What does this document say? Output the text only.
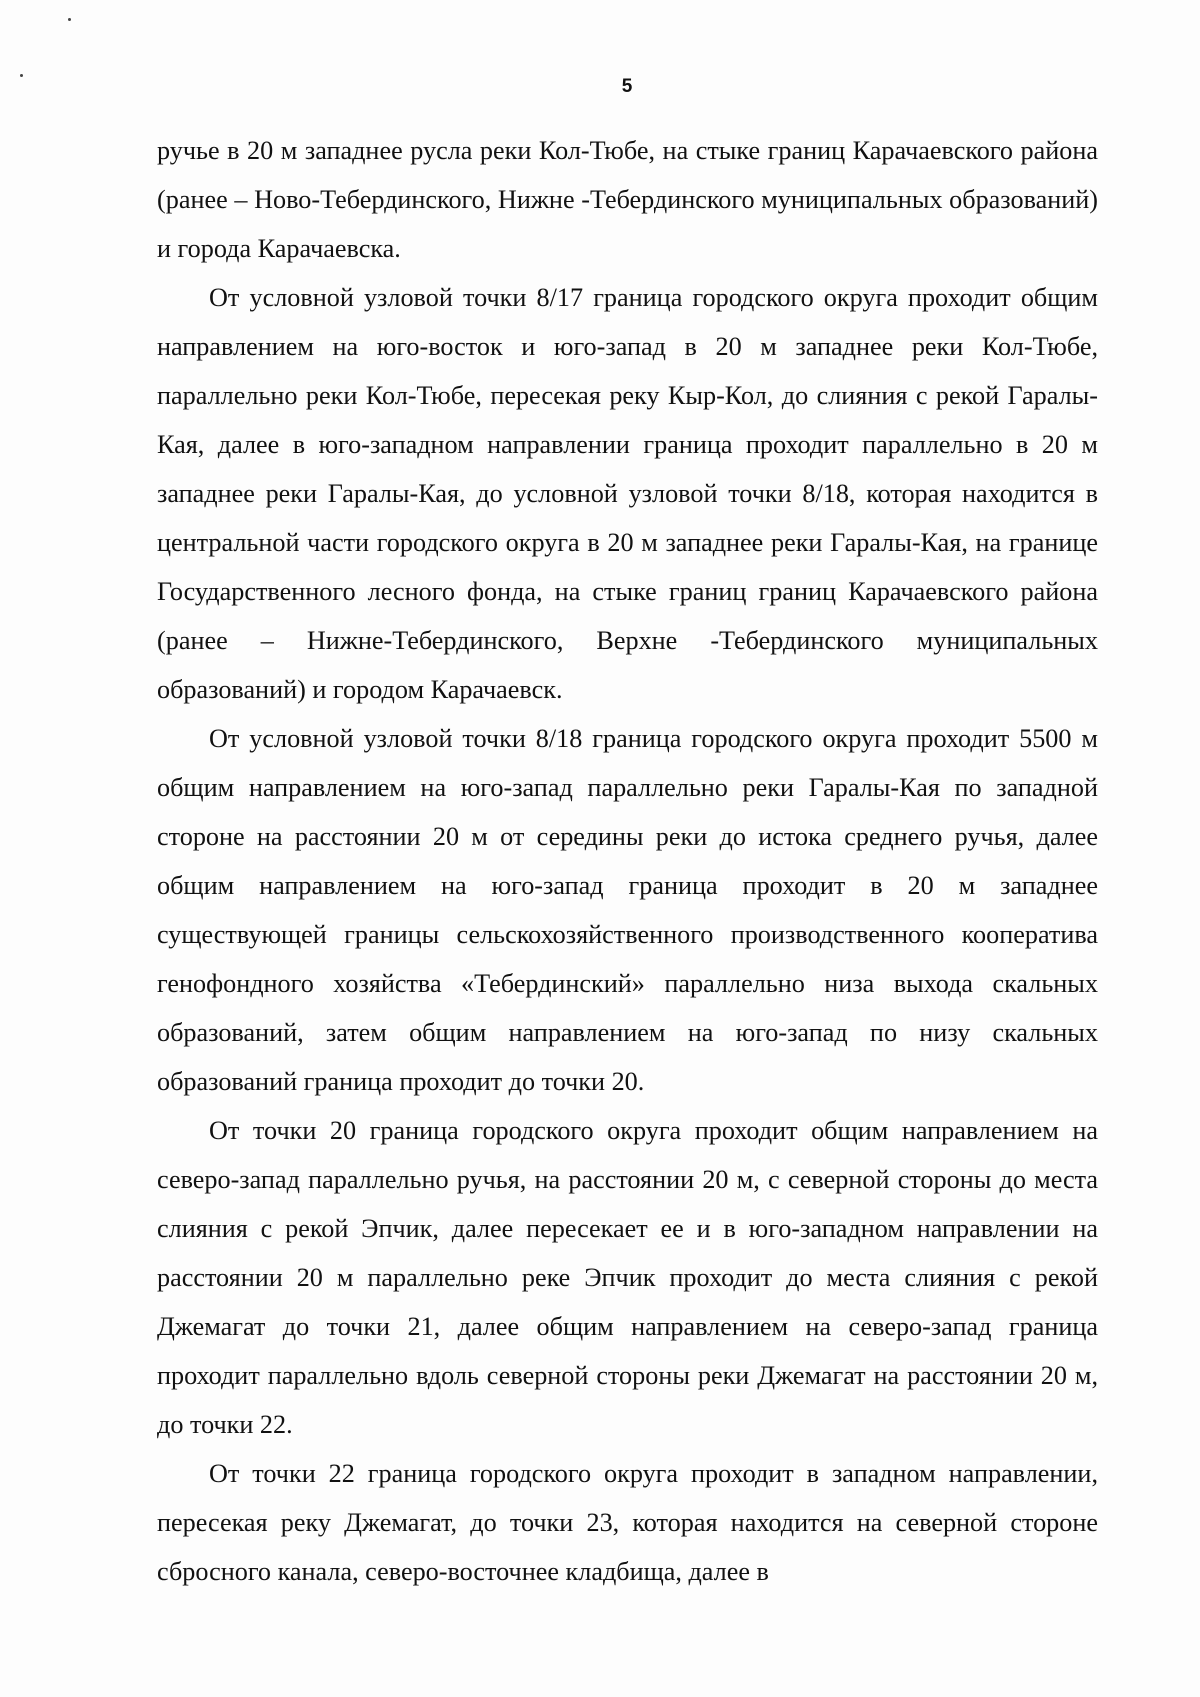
5

ручье в 20 м западнее русла реки Кол-Тюбе, на стыке границ Карачаевского района (ранее – Ново-Тебердинского, Нижне -Тебердинского муниципальных образований) и города Карачаевска.

От условной узловой точки 8/17 граница городского округа проходит общим направлением на юго-восток и юго-запад в 20 м западнее реки Кол-Тюбе, параллельно реки Кол-Тюбе, пересекая реку Кыр-Кол, до слияния с рекой Гаралы-Кая, далее в юго-западном направлении граница проходит параллельно в 20 м западнее реки Гаралы-Кая, до условной узловой точки 8/18, которая находится в центральной части городского округа в 20 м западнее реки Гаралы-Кая, на границе Государственного лесного фонда, на стыке границ границ Карачаевского района (ранее – Нижне-Тебердинского, Верхне -Тебердинского муниципальных образований) и городом Карачаевск.

От условной узловой точки 8/18 граница городского округа проходит 5500 м общим направлением на юго-запад параллельно реки Гаралы-Кая по западной стороне на расстоянии 20 м от середины реки до истока среднего ручья, далее общим направлением на юго-запад граница проходит в 20 м западнее существующей границы сельскохозяйственного производственного кооператива генофондного хозяйства «Тебердинский» параллельно низа выхода скальных образований, затем общим направлением на юго-запад по низу скальных образований граница проходит до точки 20.

От точки 20 граница городского округа проходит общим направлением на северо-запад параллельно ручья, на расстоянии 20 м, с северной стороны до места слияния с рекой Эпчик, далее пересекает ее и в юго-западном направлении на расстоянии 20 м параллельно реке Эпчик проходит до места слияния с рекой Джемагат до точки 21, далее общим направлением на северо-запад граница проходит параллельно вдоль северной стороны реки Джемагат на расстоянии 20 м, до точки 22.

От точки 22 граница городского округа проходит в западном направлении, пересекая реку Джемагат, до точки 23, которая находится на северной стороне сбросного канала, северо-восточнее кладбища, далее в
